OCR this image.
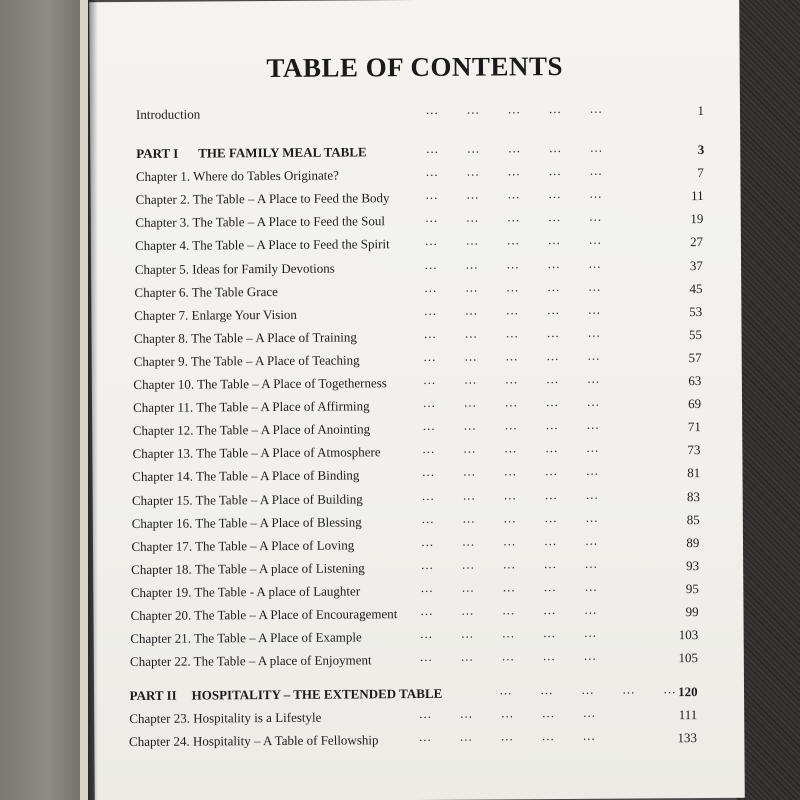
TABLE OF CONTENTS
Introduction	... ... ... ... ...	1
PART I THE FAMILY MEAL TABLE	... ... ... ... ...	3
Chapter 1. Where do Tables Originate?	... ... ... ... ...	7
Chapter 2. The Table – A Place to Feed the Body	... ... ... ... ...	11
Chapter 3. The Table – A Place to Feed the Soul	... ... ... ... ...	19
Chapter 4. The Table – A Place to Feed the Spirit	... ... ... ... ...	27
Chapter 5. Ideas for Family Devotions	... ... ... ... ...	37
Chapter 6. The Table Grace	... ... ... ... ...	45
Chapter 7. Enlarge Your Vision	... ... ... ... ...	53
Chapter 8. The Table – A Place of Training	... ... ... ... ...	55
Chapter 9. The Table – A Place of Teaching	... ... ... ... ...	57
Chapter 10. The Table – A Place of Togetherness	... ... ... ... ...	63
Chapter 11. The Table – A Place of Affirming	... ... ... ... ...	69
Chapter 12. The Table – A Place of Anointing	... ... ... ... ...	71
Chapter 13. The Table – A Place of Atmosphere	... ... ... ... ...	73
Chapter 14. The Table – A Place of Binding	... ... ... ... ...	81
Chapter 15. The Table – A Place of Building	... ... ... ... ...	83
Chapter 16. The Table – A Place of Blessing	... ... ... ... ...	85
Chapter 17. The Table – A Place of Loving	... ... ... ... ...	89
Chapter 18. The Table – A place of Listening	... ... ... ... ...	93
Chapter 19. The Table - A place of Laughter	... ... ... ... ...	95
Chapter 20. The Table – A Place of Encouragement ... ... ... ... ...	99
Chapter 21. The Table – A Place of Example	... ... ... ... ...	103
Chapter 22. The Table – A place of Enjoyment	... ... ... ... ...	105
PART II HOSPITALITY – THE EXTENDED TABLE	... ... ... ... ... 120
Chapter 23. Hospitality is a Lifestyle	... ... ... ... ...	111
Chapter 24. Hospitality – A Table of Fellowship	... ... ... ... ...	133
